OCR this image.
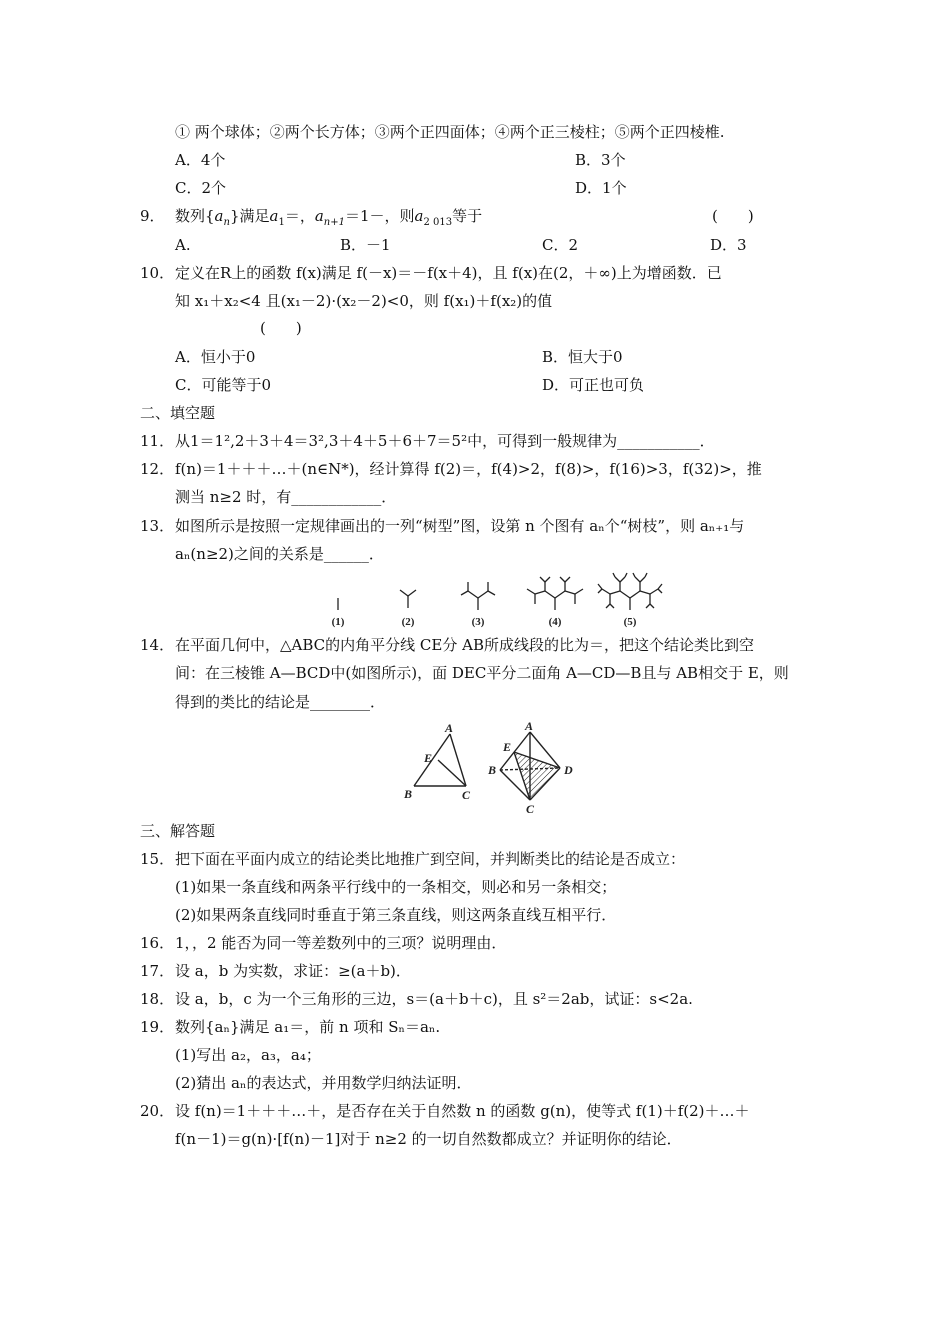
① 两个球体；②两个长方体；③两个正四面体；④两个正三棱柱；⑤两个正四棱椎.
A．4个	B．3个
C．2个	D．1个
9． 数列$\{a_n\}$满足$a_1=$，$a_{n+1}=1-$，则$a_{2 013}$等于	(　　)
A.	B．－1	C．2	D．3
10． 定义在R上的函数 f(x)满足 f(－x)＝－f(x＋4)，且 f(x)在(2，＋∞)上为增函数．已
知 x₁＋x₂<4 且(x₁－2)·(x₂－2)<0，则 f(x₁)＋f(x₂)的值
(　　)
A．恒小于0	B．恒大于0
C．可能等于0	D．可正也可负
二、填空题
11． 从1＝1²,2＋3＋4＝3²,3＋4＋5＋6＋7＝5²中，可得到一般规律为___________．
12． f(n)＝1＋＋＋…＋(n∈N*)，经计算得 f(2)＝，f(4)>2，f(8)>，f(16)>3，f(32)>，推
测当 n≥2 时，有____________．
13． 如图所示是按照一定规律画出的一列“树型”图，设第 n 个图有 aₙ个“树枝”，则 aₙ₊₁与
aₙ(n≥2)之间的关系是______．
(1)	(2)	(3)	(4)	(5)
14． 在平面几何中，△ABC的内角平分线 CE分 AB所成线段的比为＝，把这个结论类比到空
间：在三棱锥 A—BCD中(如图所示)，面 DEC平分二面角 A—CD—B且与 AB相交于 E，则
得到的类比的结论是________．
A
B	C
E
A
B
C
D
E
三、解答题
15． 把下面在平面内成立的结论类比地推广到空间，并判断类比的结论是否成立：
(1)如果一条直线和两条平行线中的一条相交，则必和另一条相交；
(2)如果两条直线同时垂直于第三条直线，则这两条直线互相平行．
16． 1，，2 能否为同一等差数列中的三项？说明理由．
17． 设 a，b 为实数，求证：≥(a＋b)．
18． 设 a，b，c 为一个三角形的三边，s＝(a＋b＋c)，且 s²＝2ab，试证：s<2a.
19． 数列{aₙ}满足 a₁＝，前 n 项和 Sₙ＝aₙ.
(1)写出 a₂，a₃，a₄；
(2)猜出 aₙ的表达式，并用数学归纳法证明．
20． 设 f(n)＝1＋＋＋…＋，是否存在关于自然数 n 的函数 g(n)，使等式 f(1)＋f(2)＋…＋
f(n－1)＝g(n)·[f(n)－1]对于 n≥2 的一切自然数都成立？并证明你的结论．
